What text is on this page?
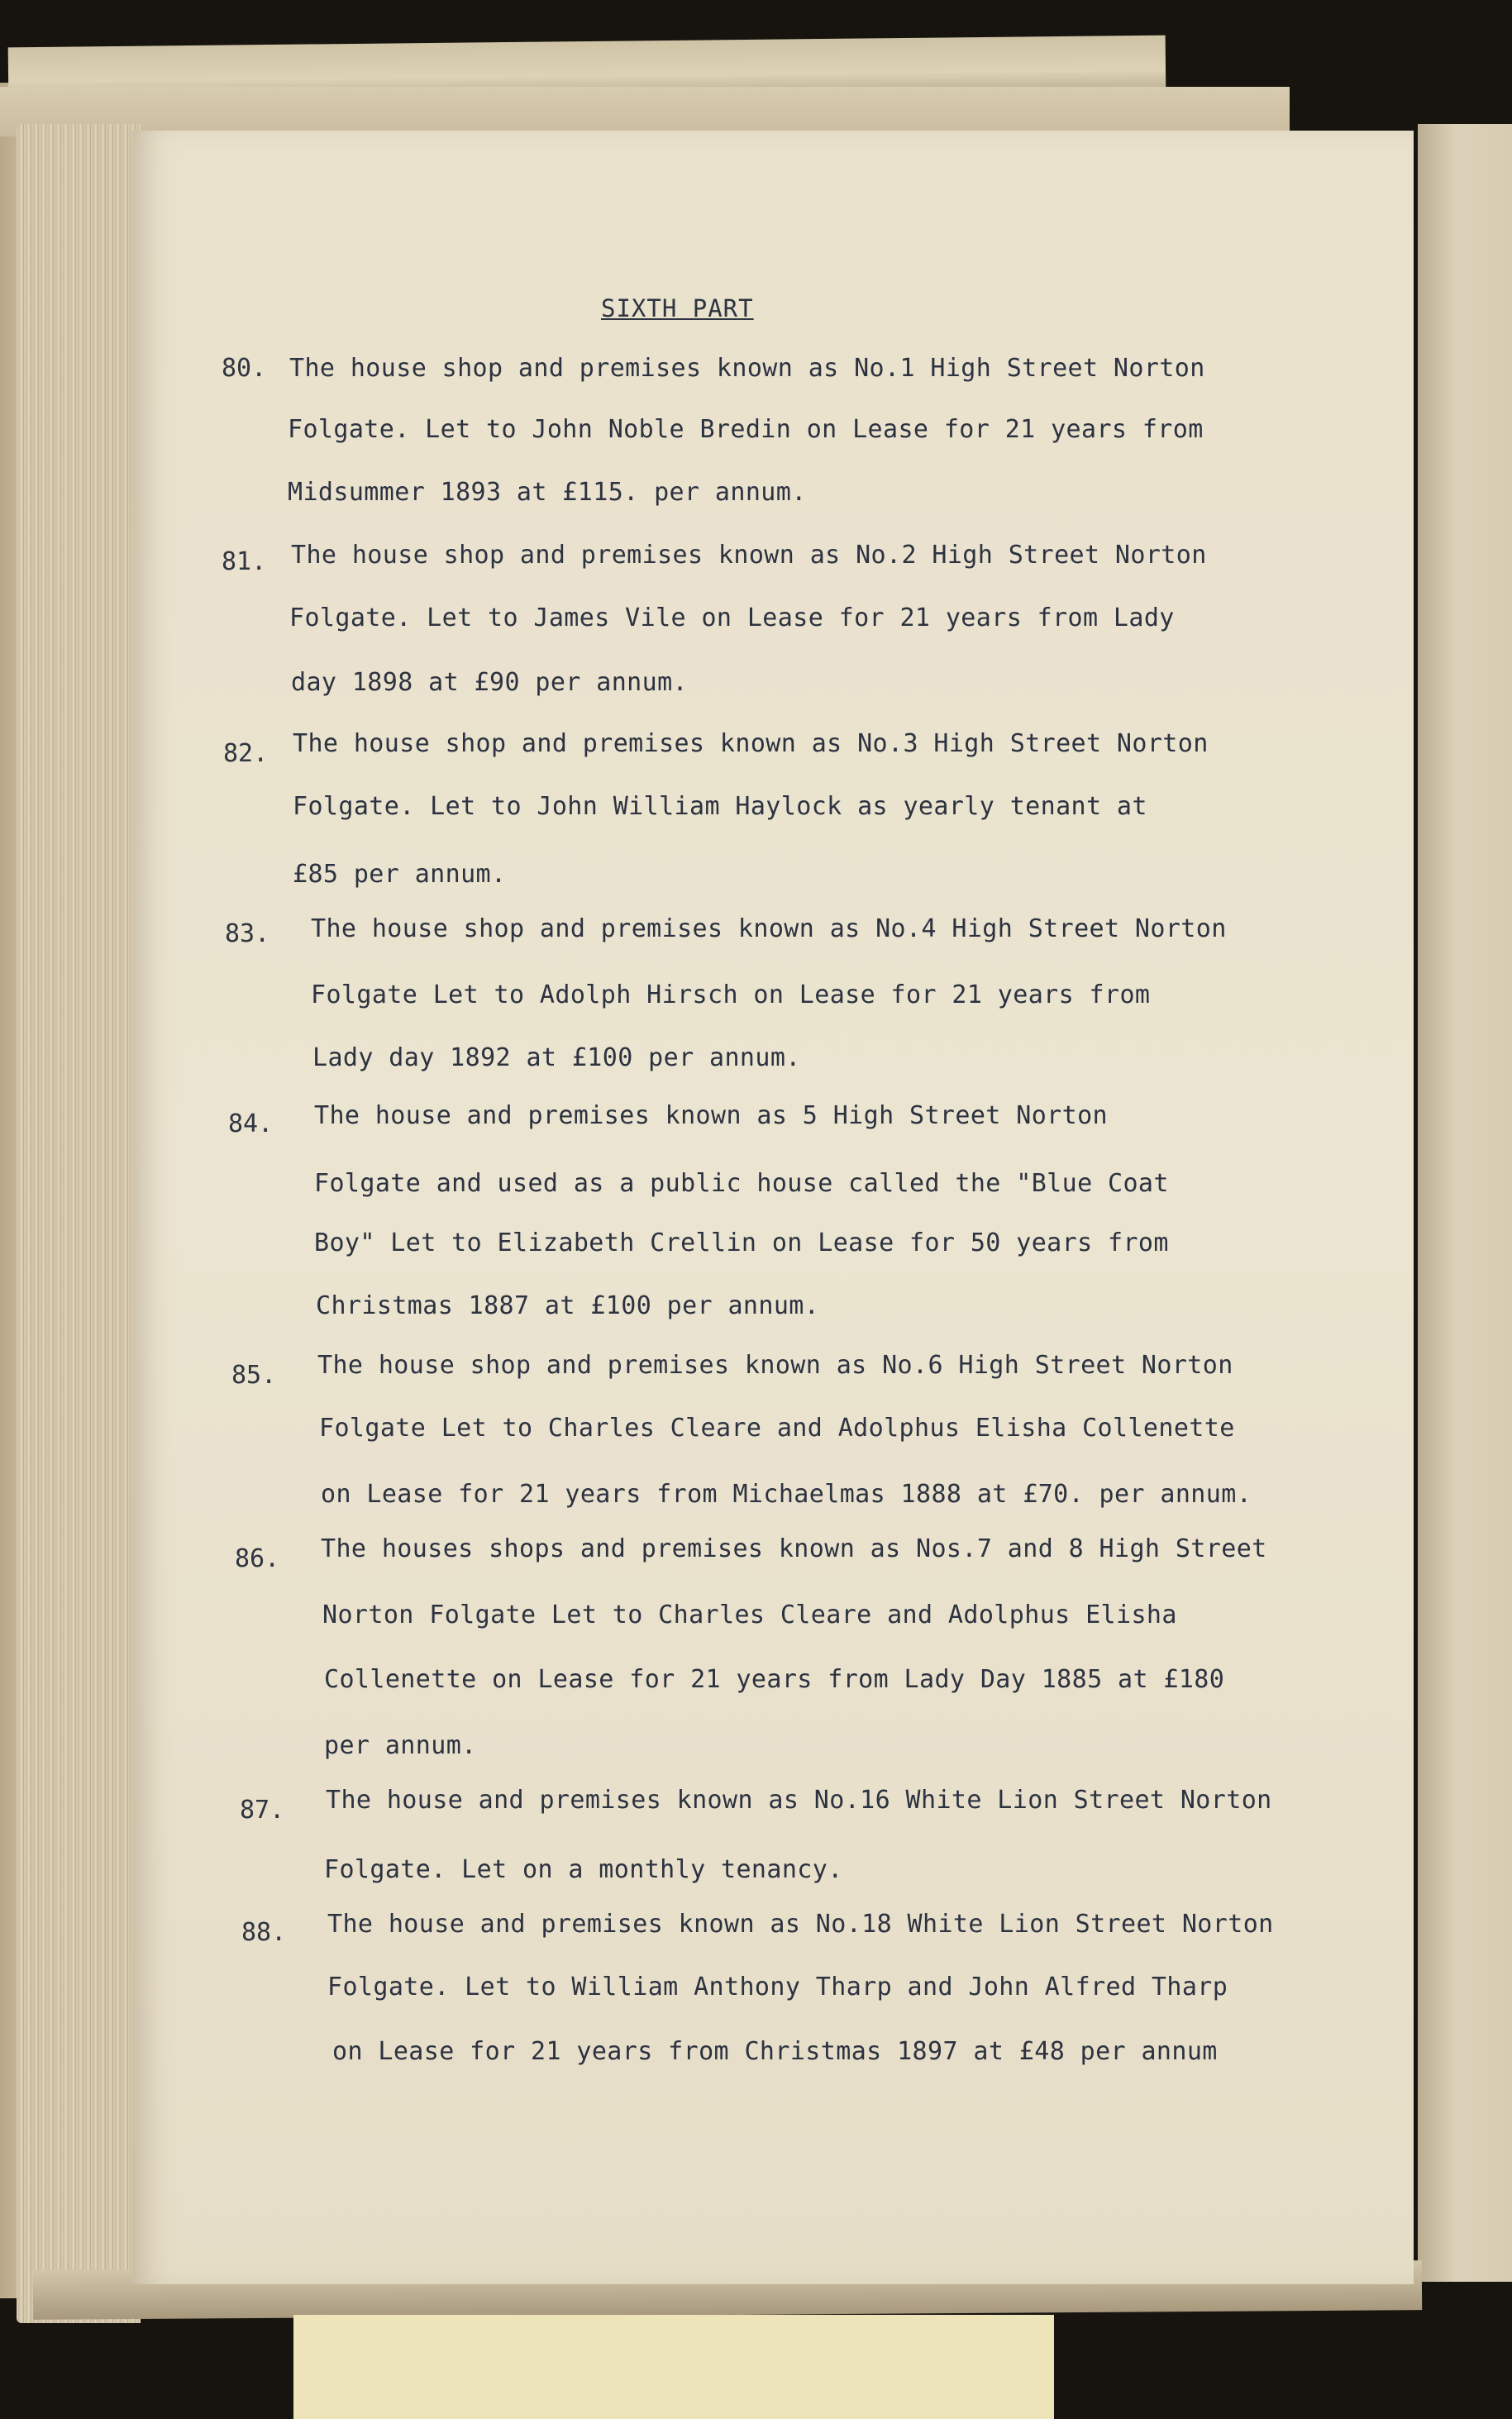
SIXTH PART
80. The house shop and premises known as No.1 High Street Norton
Folgate. Let to John Noble Bredin on Lease for 21 years from
Midsummer 1893 at £115. per annum.
81. The house shop and premises known as No.2 High Street Norton
Folgate. Let to James Vile on Lease for 21 years from Lady
day 1898 at £90 per annum.
82. The house shop and premises known as No.3 High Street Norton
Folgate. Let to John William Haylock as yearly tenant at
£85 per annum.
83. The house shop and premises known as No.4 High Street Norton
Folgate Let to Adolph Hirsch on Lease for 21 years from
Lady day 1892 at £100 per annum.
84. The house and premises known as 5 High Street Norton
Folgate and used as a public house called the "Blue Coat
Boy" Let to Elizabeth Crellin on Lease for 50 years from
Christmas 1887 at £100 per annum.
85. The house shop and premises known as No.6 High Street Norton
Folgate Let to Charles Cleare and Adolphus Elisha Collenette
on Lease for 21 years from Michaelmas 1888 at £70. per annum.
86. The houses shops and premises known as Nos.7 and 8 High Street
Norton Folgate Let to Charles Cleare and Adolphus Elisha
Collenette on Lease for 21 years from Lady Day 1885 at £180
per annum.
87. The house and premises known as No.16 White Lion Street Norton
Folgate. Let on a monthly tenancy.
88. The house and premises known as No.18 White Lion Street Norton
Folgate. Let to William Anthony Tharp and John Alfred Tharp
on Lease for 21 years from Christmas 1897 at £48 per annum
